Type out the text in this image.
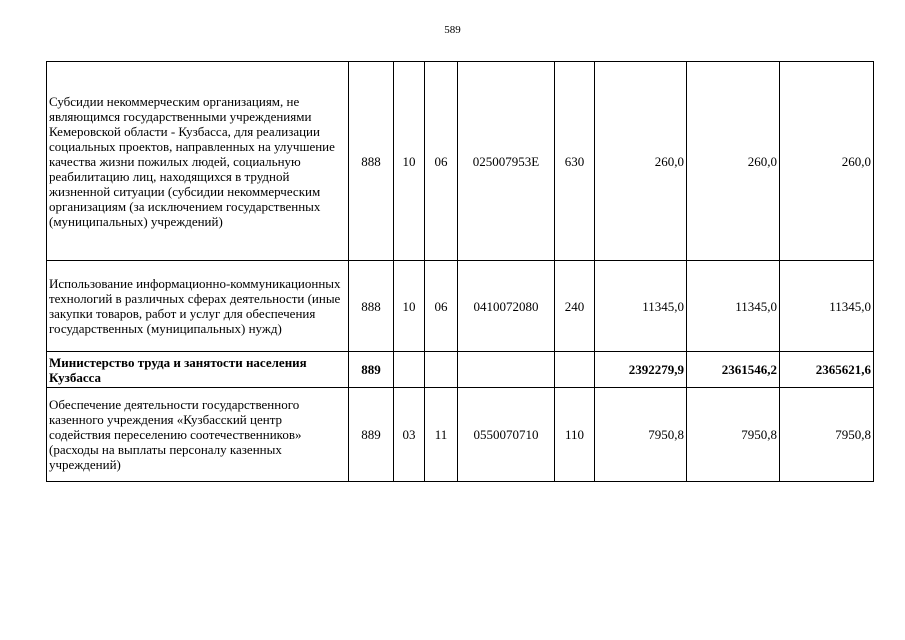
589
Субсидии некоммерческим организациям, не являющимся государственными учреждениями Кемеровской области - Кузбасса, для реализации социальных проектов, направленных на улучшение качества жизни пожилых людей, социальную реабилитацию лиц, находящихся в трудной жизненной ситуации (субсидии некоммерческим организациям (за исключением государственных (муниципальных) учреждений)	888	10	06	025007953E	630	260,0	260,0	260,0
Использование информационно-коммуникационных технологий в различных сферах деятельности (иные закупки товаров, работ и услуг для обеспечения государственных (муниципальных) нужд)	888	10	06	0410072080	240	11345,0	11345,0	11345,0
Министерство труда и занятости населения Кузбасса	889					2392279,9	2361546,2	2365621,6
Обеспечение деятельности государственного казенного учреждения «Кузбасский центр содействия переселению соотечественников» (расходы на выплаты персоналу казенных учреждений)	889	03	11	0550070710	110	7950,8	7950,8	7950,8
